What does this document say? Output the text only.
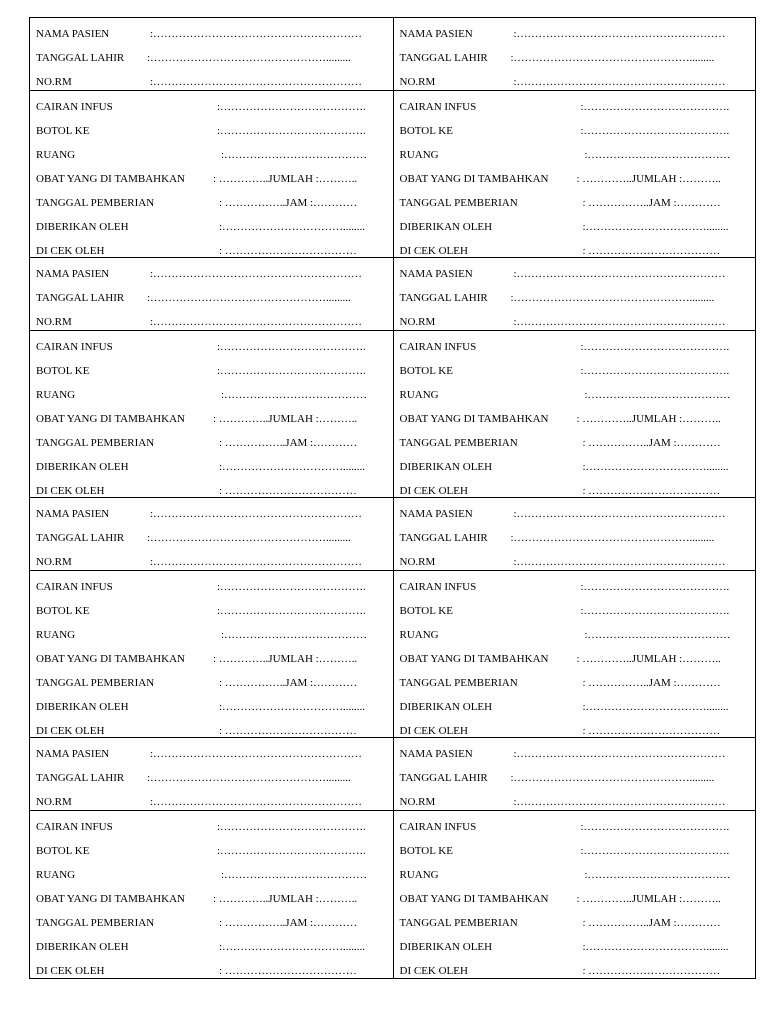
NAMA PASIEN	:…………………………………………………
TANGGAL LAHIR :………………………………………….........
NO.RM	:…………………………………………………
CAIRAN INFUS	:………………………………….
BOTOL KE	:………………………………….
RUANG	:…………………………………
OBAT YANG DI TAMBAHKAN	: …………..JUMLAH :………..
TANGGAL PEMBERIAN	: ……………..JAM :…………
DIBERIKAN OLEH	:……………………………........
DI CEK OLEH	: ………………………………
NAMA PASIEN	:…………………………………………………
TANGGAL LAHIR :………………………………………….........
NO.RM	:…………………………………………………
CAIRAN INFUS	:………………………………….
BOTOL KE	:………………………………….
RUANG	:…………………………………
OBAT YANG DI TAMBAHKAN	: …………..JUMLAH :………..
TANGGAL PEMBERIAN	: ……………..JAM :…………
DIBERIKAN OLEH	:……………………………........
DI CEK OLEH	: ………………………………
NAMA PASIEN	:…………………………………………………
TANGGAL LAHIR :………………………………………….........
NO.RM	:…………………………………………………
CAIRAN INFUS	:………………………………….
BOTOL KE	:………………………………….
RUANG	:…………………………………
OBAT YANG DI TAMBAHKAN	: …………..JUMLAH :………..
TANGGAL PEMBERIAN	: ……………..JAM :…………
DIBERIKAN OLEH	:……………………………........
DI CEK OLEH	: ………………………………
NAMA PASIEN	:…………………………………………………
TANGGAL LAHIR :………………………………………….........
NO.RM	:…………………………………………………
CAIRAN INFUS	:………………………………….
BOTOL KE	:………………………………….
RUANG	:…………………………………
OBAT YANG DI TAMBAHKAN	: …………..JUMLAH :………..
TANGGAL PEMBERIAN	: ……………..JAM :…………
DIBERIKAN OLEH	:……………………………........
DI CEK OLEH	: ………………………………
NAMA PASIEN	:…………………………………………………
TANGGAL LAHIR :………………………………………….........
NO.RM	:…………………………………………………
CAIRAN INFUS	:………………………………….
BOTOL KE	:………………………………….
RUANG	:…………………………………
OBAT YANG DI TAMBAHKAN	: …………..JUMLAH :………..
TANGGAL PEMBERIAN	: ……………..JAM :…………
DIBERIKAN OLEH	:……………………………........
DI CEK OLEH	: ………………………………
NAMA PASIEN	:…………………………………………………
TANGGAL LAHIR :………………………………………….........
NO.RM	:…………………………………………………
CAIRAN INFUS	:………………………………….
BOTOL KE	:………………………………….
RUANG	:…………………………………
OBAT YANG DI TAMBAHKAN	: …………..JUMLAH :………..
TANGGAL PEMBERIAN	: ……………..JAM :…………
DIBERIKAN OLEH	:……………………………........
DI CEK OLEH	: ………………………………
NAMA PASIEN	:…………………………………………………
TANGGAL LAHIR :………………………………………….........
NO.RM	:…………………………………………………
CAIRAN INFUS	:………………………………….
BOTOL KE	:………………………………….
RUANG	:…………………………………
OBAT YANG DI TAMBAHKAN	: …………..JUMLAH :………..
TANGGAL PEMBERIAN	: ……………..JAM :…………
DIBERIKAN OLEH	:……………………………........
DI CEK OLEH	: ………………………………
NAMA PASIEN	:…………………………………………………
TANGGAL LAHIR :………………………………………….........
NO.RM	:…………………………………………………
CAIRAN INFUS	:………………………………….
BOTOL KE	:………………………………….
RUANG	:…………………………………
OBAT YANG DI TAMBAHKAN	: …………..JUMLAH :………..
TANGGAL PEMBERIAN	: ……………..JAM :…………
DIBERIKAN OLEH	:……………………………........
DI CEK OLEH	: ………………………………
